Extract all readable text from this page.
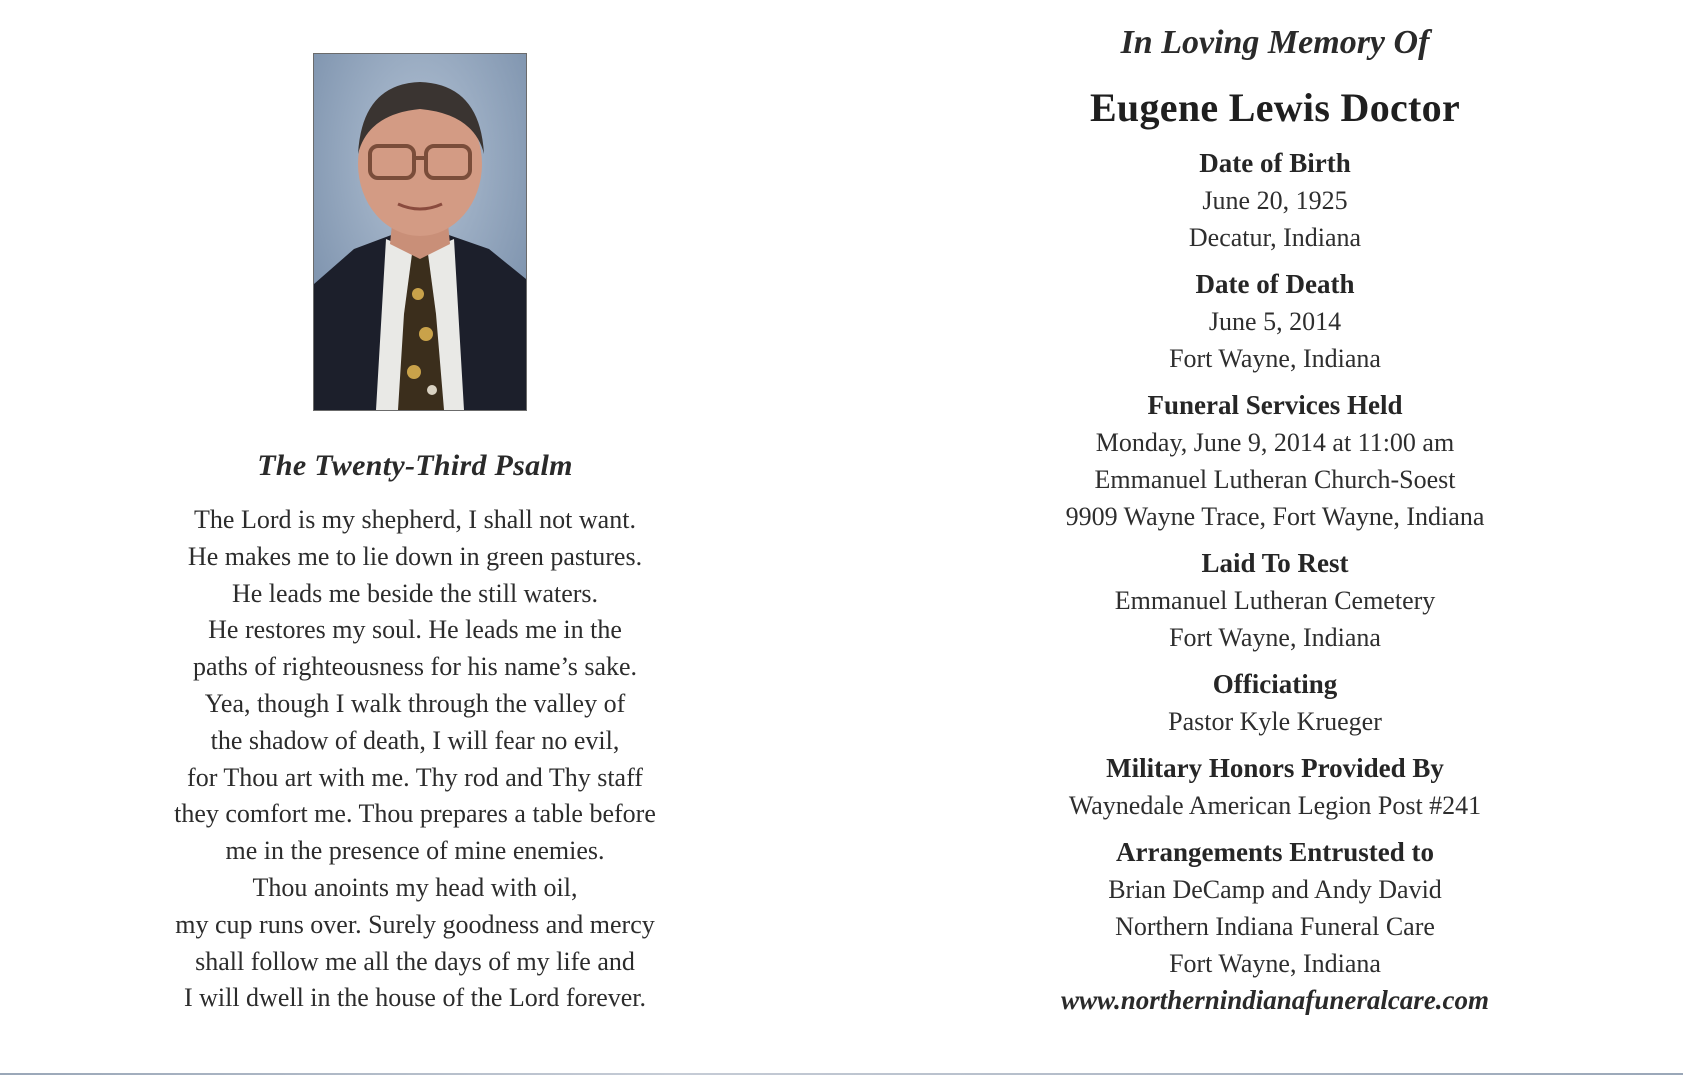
The Twenty-Third Psalm
The Lord is my shepherd, I shall not want.
He makes me to lie down in green pastures.
He leads me beside the still waters.
He restores my soul. He leads me in the
paths of righteousness for his name’s sake.
Yea, though I walk through the valley of
the shadow of death, I will fear no evil,
for Thou art with me. Thy rod and Thy staff
they comfort me. Thou prepares a table before
me in the presence of mine enemies.
Thou anoints my head with oil,
my cup runs over. Surely goodness and mercy
shall follow me all the days of my life and
I will dwell in the house of the Lord forever.
In Loving Memory Of
Eugene Lewis Doctor
Date of Birth
June 20, 1925
Decatur, Indiana
Date of Death
June 5, 2014
Fort Wayne, Indiana
Funeral Services Held
Monday, June 9, 2014 at 11:00 am
Emmanuel Lutheran Church-Soest
9909 Wayne Trace, Fort Wayne, Indiana
Laid To Rest
Emmanuel Lutheran Cemetery
Fort Wayne, Indiana
Officiating
Pastor Kyle Krueger
Military Honors Provided By
Waynedale American Legion Post #241
Arrangements Entrusted to
Brian DeCamp and Andy David
Northern Indiana Funeral Care
Fort Wayne, Indiana
www.northernindianafuneralcare.com
